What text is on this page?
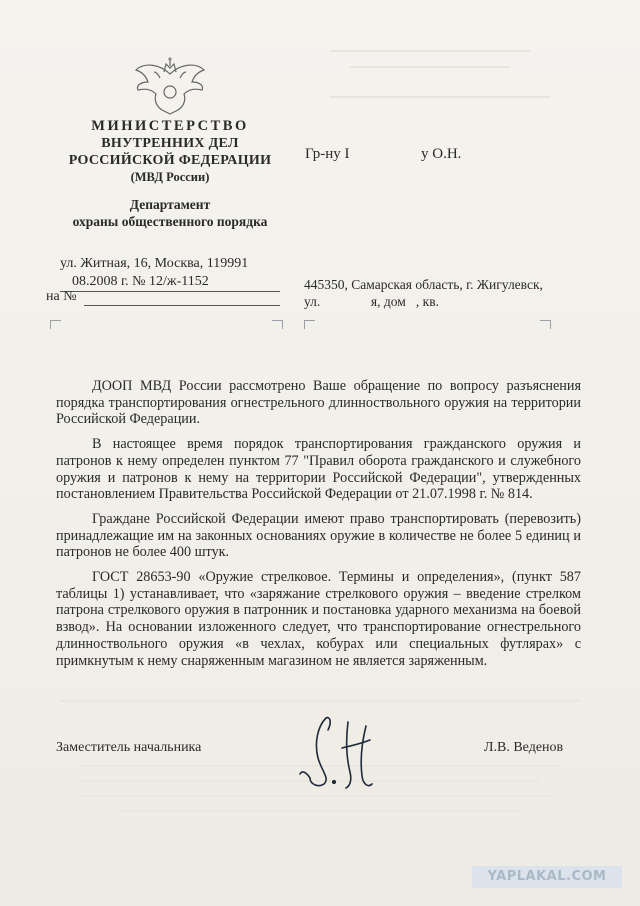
МИНИСТЕРСТВО
ВНУТРЕННИХ ДЕЛ
РОССИЙСКОЙ ФЕДЕРАЦИИ
(МВД России)
Департамент
охраны общественного порядка
ул. Житная, 16, Москва, 119991
08.2008 г. № 12/ж-1152
на №
Гр-ну I	у О.Н.
445350, Самарская область, г. Жигулевск,
ул.               я, дом   , кв.

ДООП МВД России рассмотрено Ваше обращение по вопросу разъяснения порядка транспортирования огнестрельного длинноствольного оружия на территории Российской Федерации.

В настоящее время порядок транспортирования гражданского оружия и патронов к нему определен пунктом 77 "Правил оборота гражданского и служебного оружия и патронов к нему на территории Российской Федерации", утвержденных постановлением Правительства Российской Федерации от 21.07.1998 г. № 814.

Граждане Российской Федерации имеют право транспортировать (перевозить) принадлежащие им на законных основаниях оружие в количестве не более 5 единиц и патронов не более 400 штук.

ГОСТ 28653-90 «Оружие стрелковое. Термины и определения», (пункт 587 таблицы 1) устанавливает, что «заряжание стрелкового оружия – введение стрелком патрона стрелкового оружия в патронник и постановка ударного механизма на боевой взвод». На основании изложенного следует, что транспортирование огнестрельного длинноствольного оружия «в чехлах, кобурах или специальных футлярах» с примкнутым к нему снаряженным магазином не является заряженным.

Заместитель начальника	Л.В. Веденов
YAPLAKAL.COM
